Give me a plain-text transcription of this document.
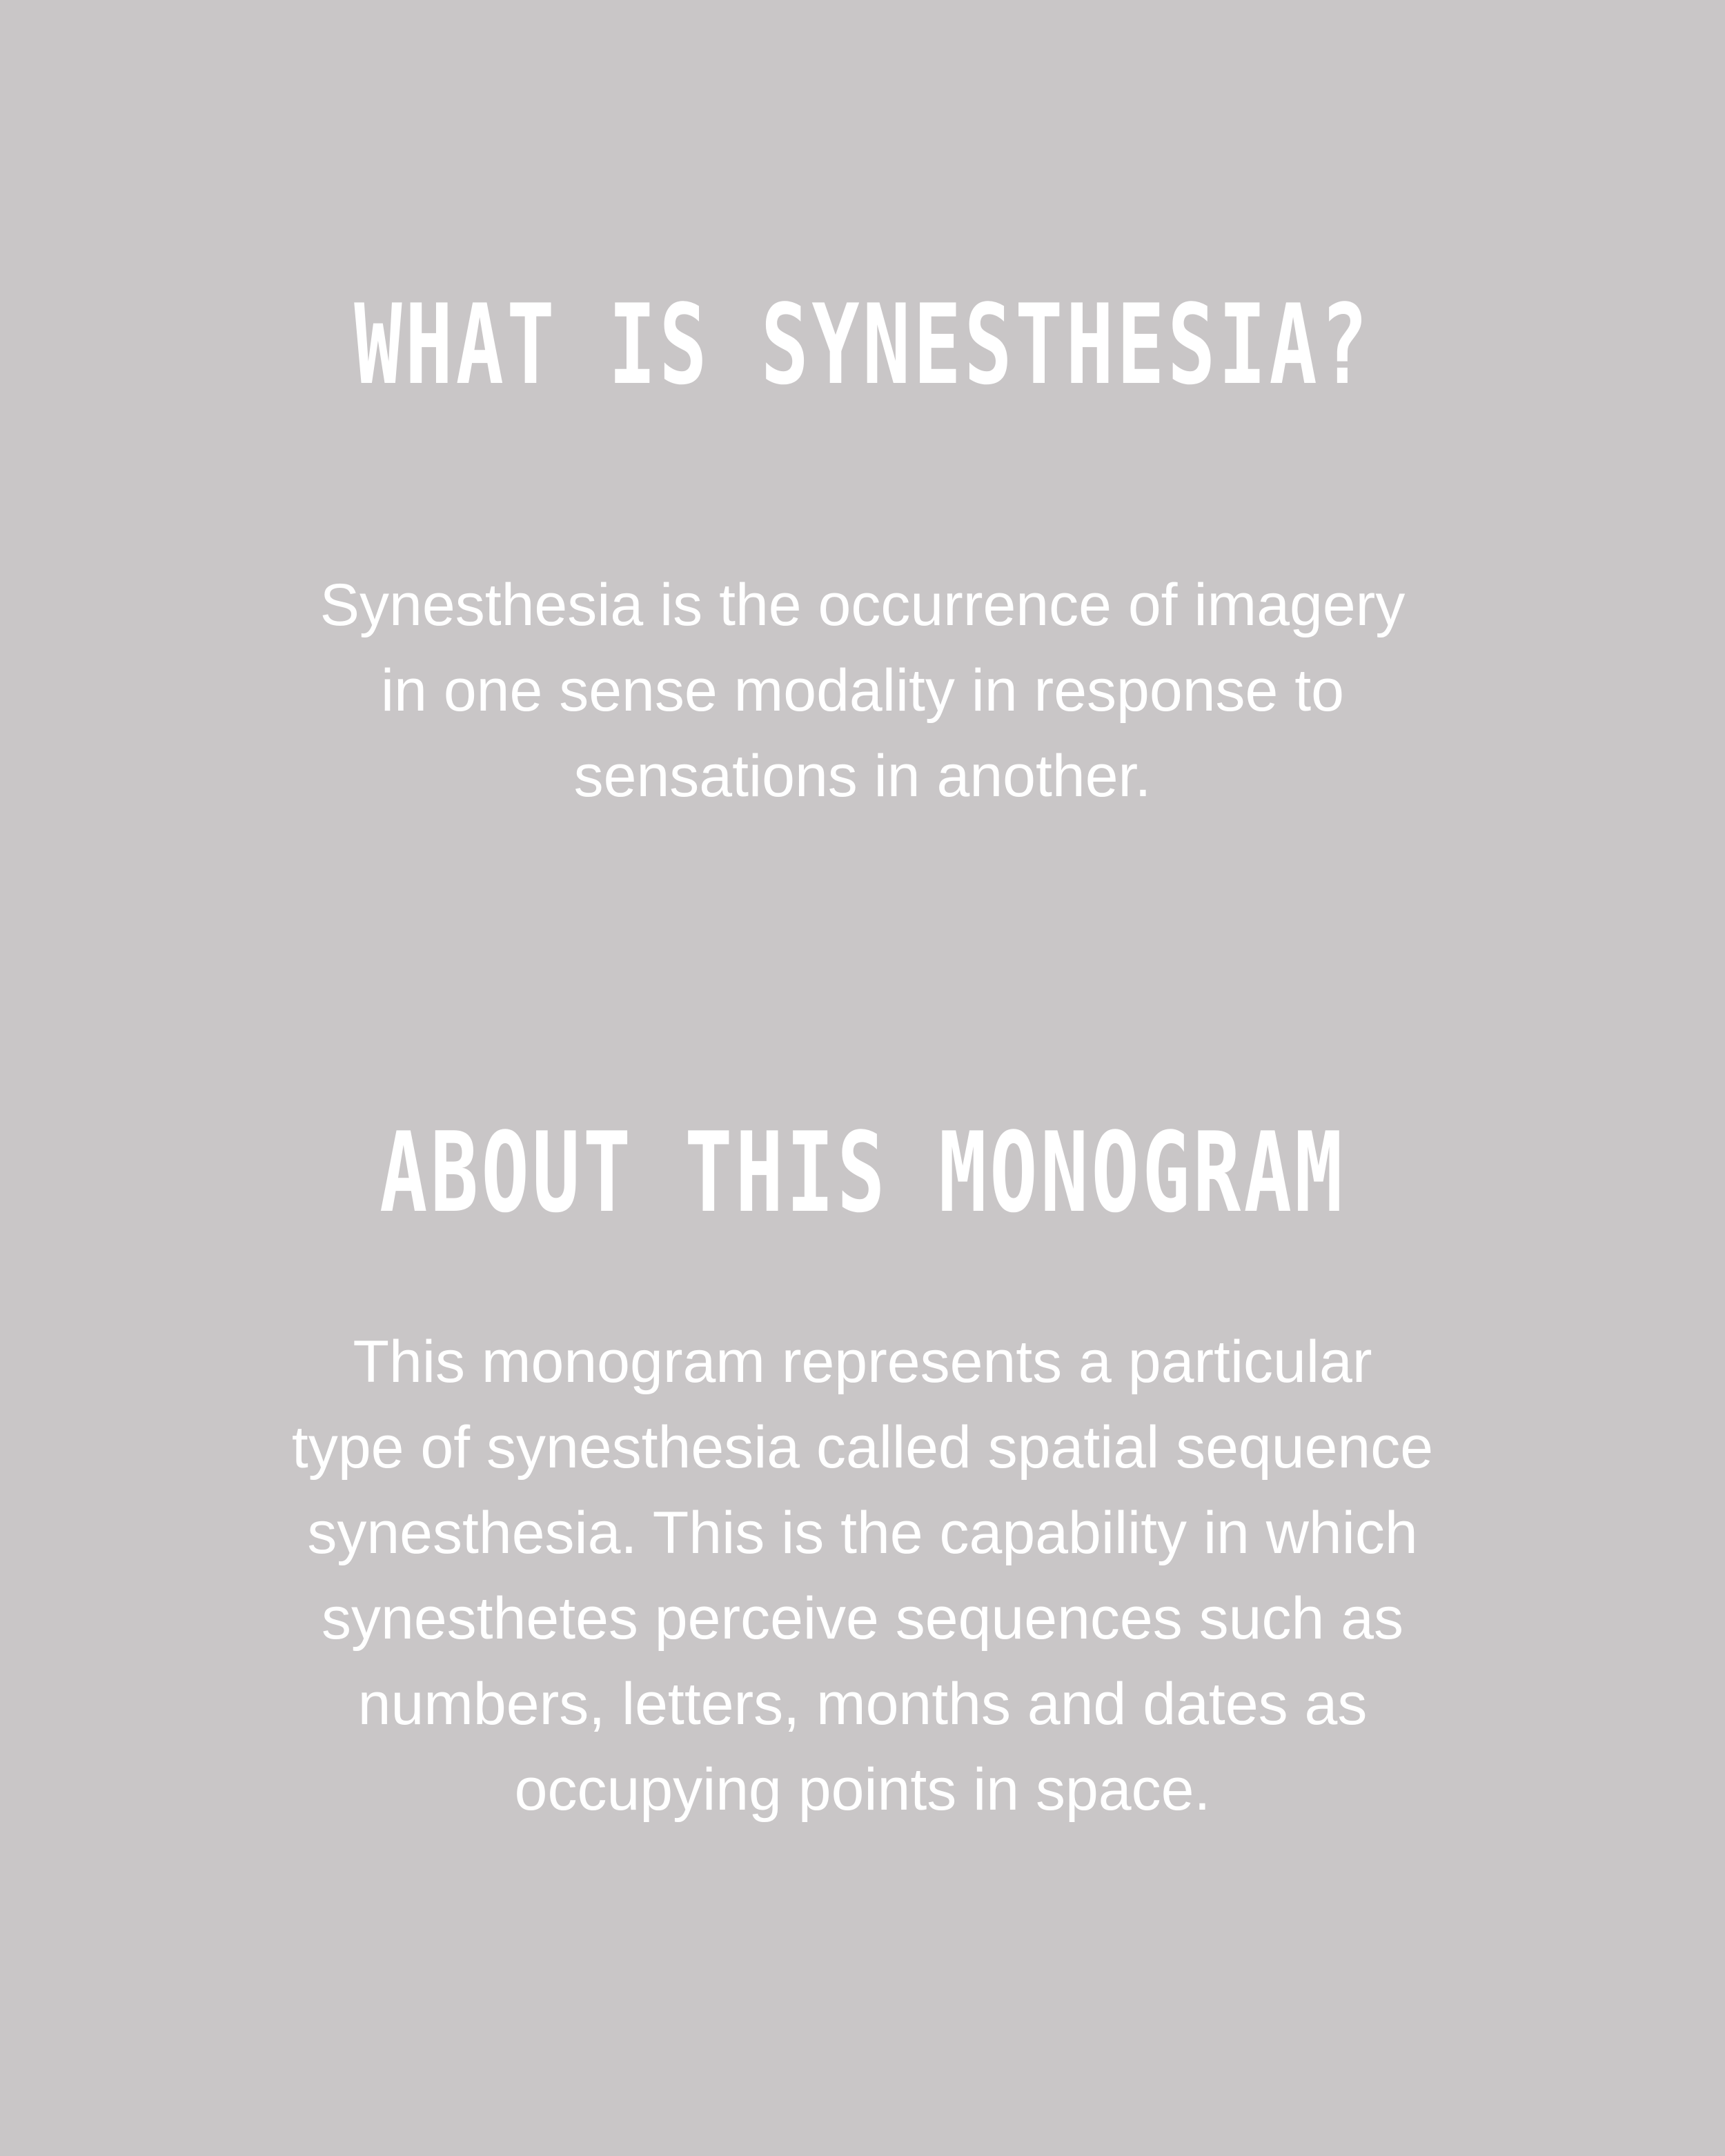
WHAT IS SYNESTHESIA?
Synesthesia is the occurrence of imagery
in one sense modality in response to
sensations in another.
ABOUT THIS MONOGRAM
This monogram represents a particular
type of synesthesia called spatial sequence
synesthesia. This is the capability in which
synesthetes perceive sequences such as
numbers, letters, months and dates as
occupying points in space.
